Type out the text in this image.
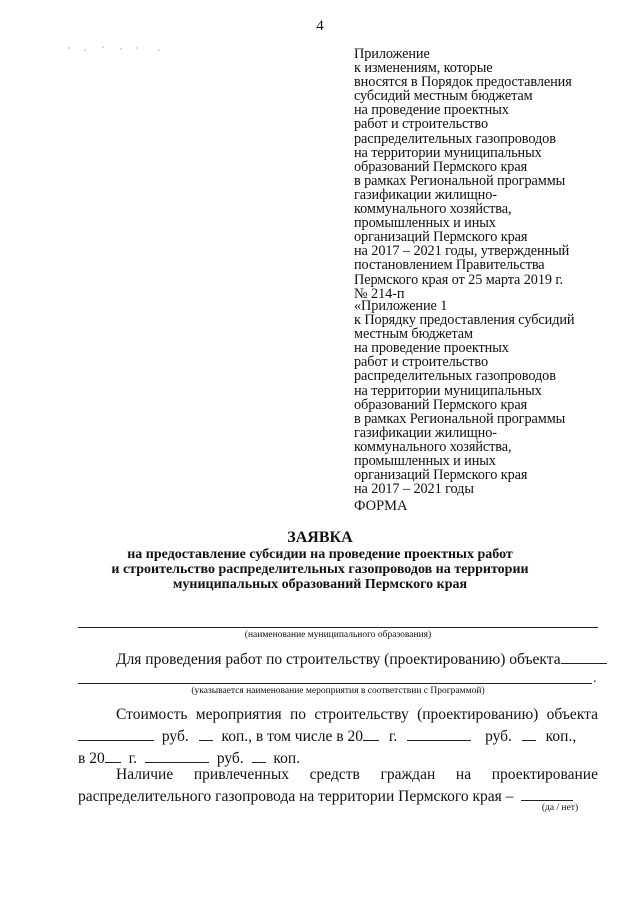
4
Приложение
к изменениям, которые
вносятся в Порядок предоставления
субсидий местным бюджетам
на проведение проектных
работ и строительство
распределительных газопроводов
на территории муниципальных
образований Пермского края
в рамках Региональной программы
газификации жилищно-
коммунального хозяйства,
промышленных и иных
организаций Пермского края
на 2017 – 2021 годы, утвержденный
постановлением Правительства
Пермского края от 25 марта 2019 г.
№ 214-п
«Приложение 1
к Порядку предоставления субсидий
местным бюджетам
на проведение проектных
работ и строительство
распределительных газопроводов
на территории муниципальных
образований Пермского края
в рамках Региональной программы
газификации жилищно-
коммунального хозяйства,
промышленных и иных
организаций Пермского края
на 2017 – 2021 годы
ФОРМА
ЗАЯВКА
на предоставление субсидии на проведение проектных работ
и строительство распределительных газопроводов на территории
муниципальных образований Пермского края
(наименование муниципального образования)
Для проведения работ по строительству (проектированию) объекта
.
(указывается наименование мероприятия в соответствии с Программой)
Стоимость мероприятия по строительству (проектированию) объекта
руб. коп., в том числе в 20 г.	руб. коп.,
в 20 г.	руб. коп.
Наличие привлеченных средств граждан на проектирование
распределительного газопровода на территории Пермского края –
(да / нет)
